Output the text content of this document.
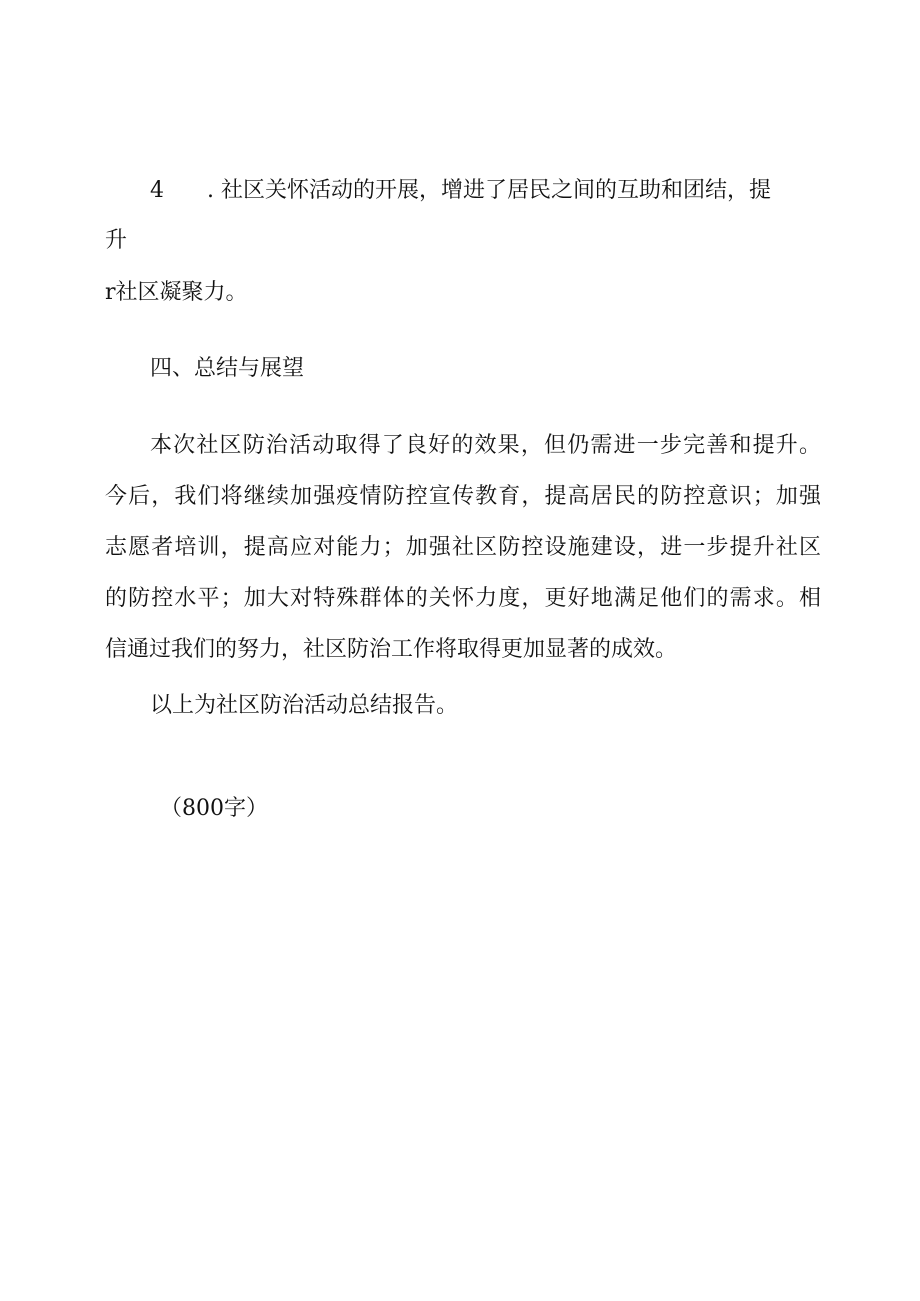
4 . 社区关怀活动的开展，增进了居民之间的互助和团结，提
升
r社区凝聚力。
四、总结与展望
本次社区防治活动取得了良好的效果，但仍需进一步完善和提升。
今后，我们将继续加强疫情防控宣传教育，提高居民的防控意识；加强
志愿者培训，提高应对能力；加强社区防控设施建设，进一步提升社区
的防控水平；加大对特殊群体的关怀力度，更好地满足他们的需求。相
信通过我们的努力，社区防治工作将取得更加显著的成效。
以上为社区防治活动总结报告。
（800字）
